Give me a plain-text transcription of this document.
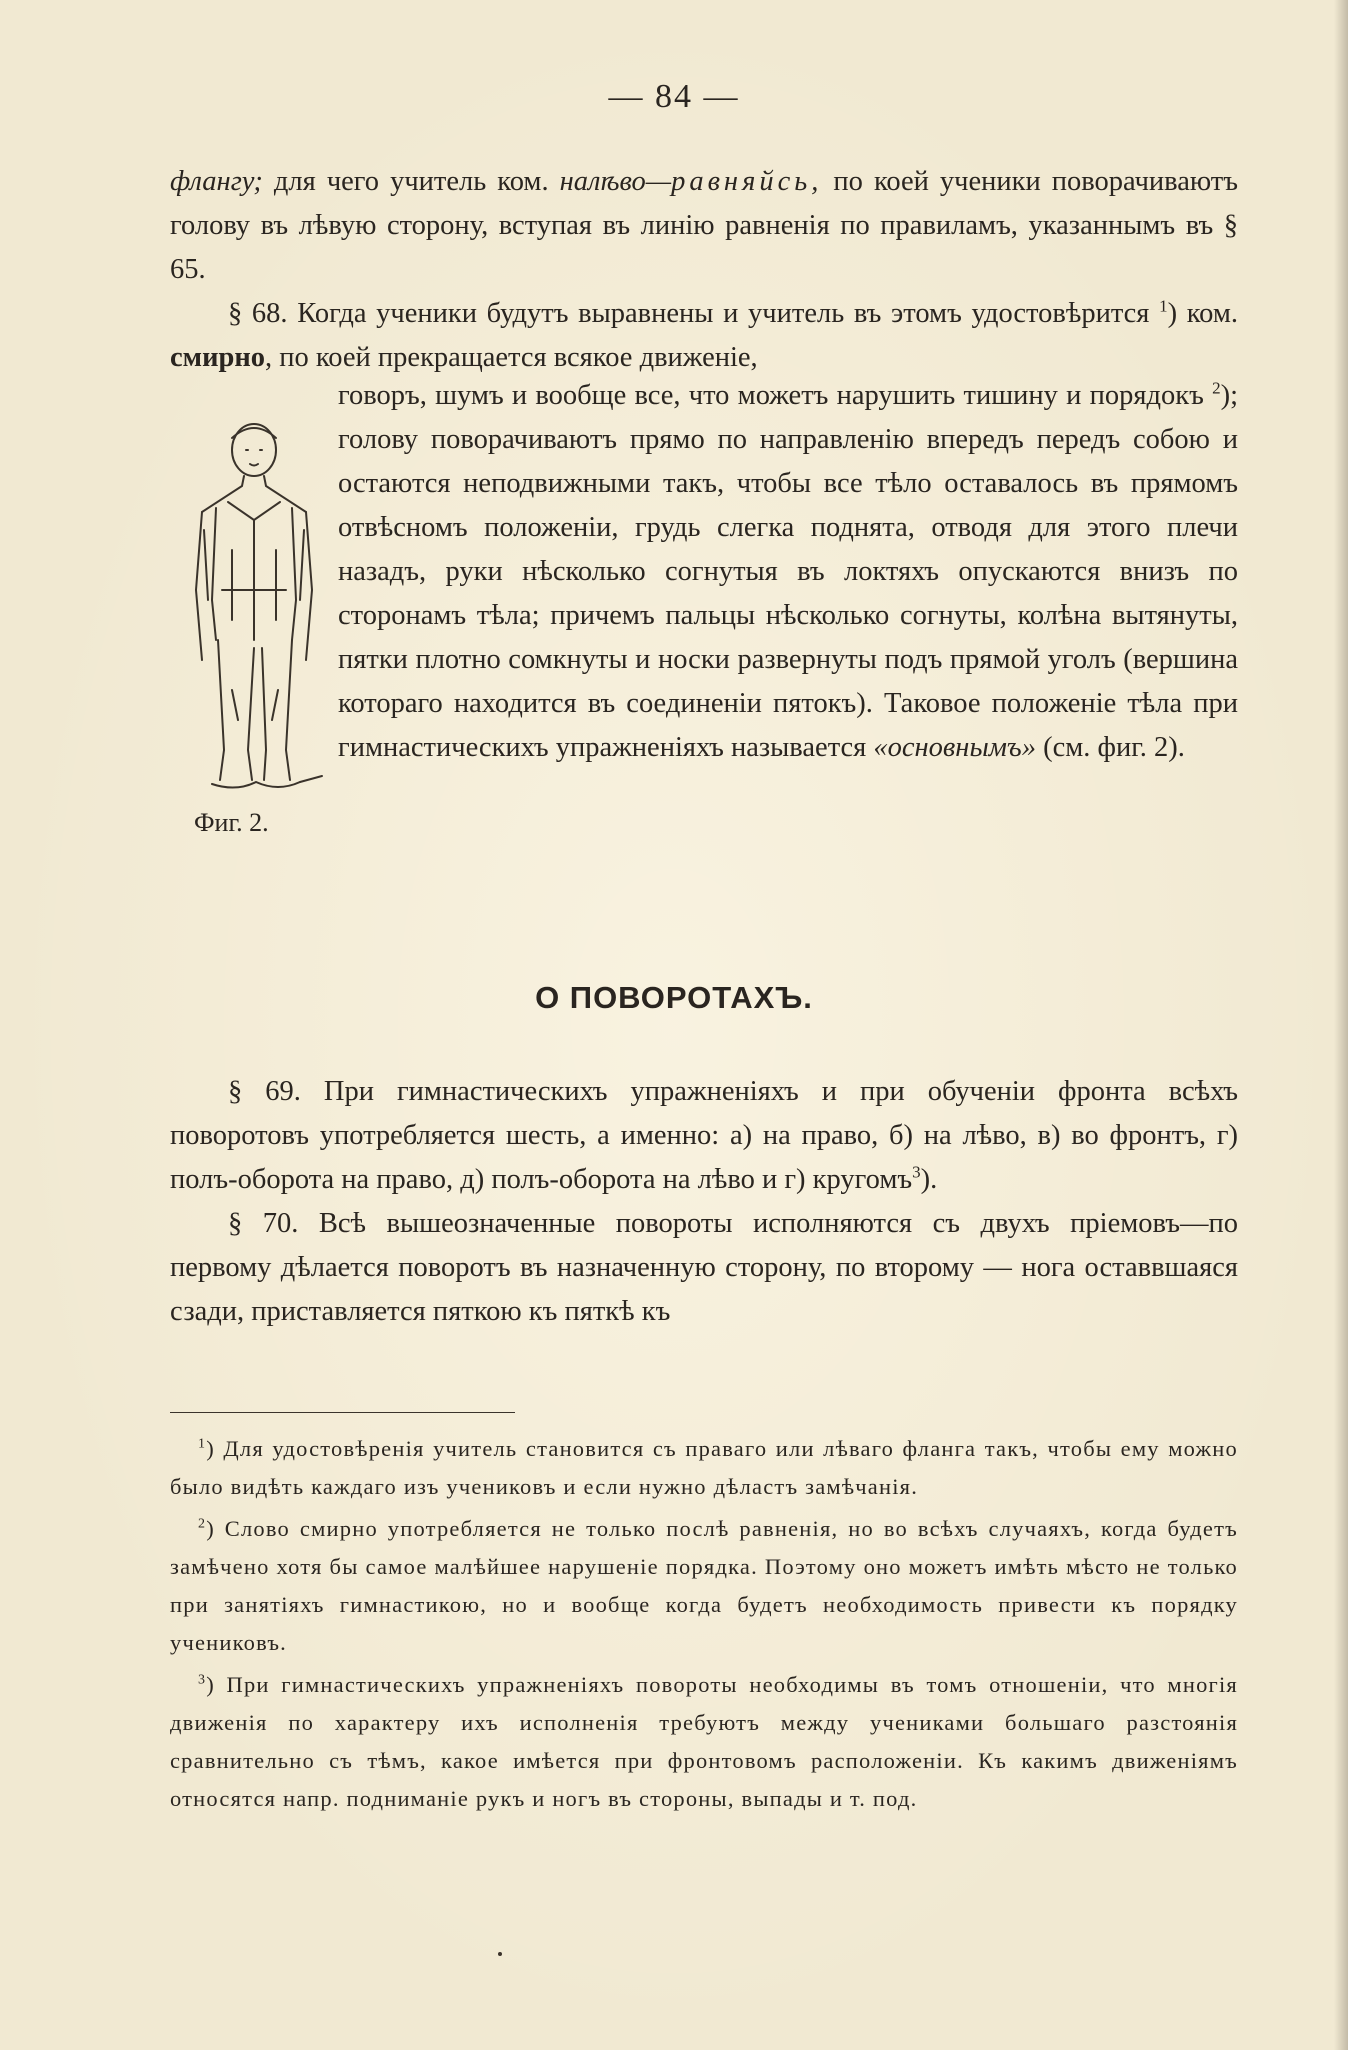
— 84 —

флангу; для чего учитель ком. налѣво—равняйсь, по коей ученики поворачиваютъ голову въ лѣвую сторону, вступая въ линію равненія по правиламъ, указаннымъ въ § 65.

§ 68. Когда ученики будутъ выравнены и учитель въ этомъ удостовѣрится $^1$) ком. смирно, по коей прекращается всякое движеніе,

Фиг. 2.

говоръ, шумъ и вообще все, что можетъ нарушить тишину и порядокъ $^2$); голову поворачиваютъ прямо по направленію впередъ передъ собою и остаются неподвижными такъ, чтобы все тѣло оставалось въ прямомъ отвѣсномъ положеніи, грудь слегка поднята, отводя для этого плечи назадъ, руки нѣсколько согнутыя въ локтяхъ опускаются внизъ по сторонамъ тѣла; причемъ пальцы нѣсколько согнуты, колѣна вытянуты, пятки плотно сомкнуты и носки развернуты подъ прямой уголъ (вершина котораго находится въ соединеніи пятокъ). Таковое положеніе тѣла при гимнастическихъ упражненіяхъ называется «основнымъ» (см. фиг. 2).

О ПОВОРОТАХЪ.

§ 69. При гимнастическихъ упражненіяхъ и при обученіи фронта всѣхъ поворотовъ употребляется шесть, а именно: а) на право, б) на лѣво, в) во фронтъ, г) полъ-оборота на право, д) полъ-оборота на лѣво и г) кругомъ$^3$).

§ 70. Всѣ вышеозначенные повороты исполняются съ двухъ пріемовъ—по первому дѣлается поворотъ въ назначенную сторону, по второму — нога оставвшаяся сзади, приставляется пяткою къ пяткѣ къ

$^1$) Для удостовѣренія учитель становится съ праваго или лѣваго фланга такъ, чтобы ему можно было видѣть каждаго изъ учениковъ и если нужно дѣластъ замѣчанія.

$^2$) Слово смирно употребляется не только послѣ равненія, но во всѣхъ случаяхъ, когда будетъ замѣчено хотя бы самое малѣйшее нарушеніе порядка. Поэтому оно можетъ имѣть мѣсто не только при занятіяхъ гимнастикою, но и вообще когда будетъ необходимость привести къ порядку учениковъ.

$^3$) При гимнастическихъ упражненіяхъ повороты необходимы въ томъ отношеніи, что многія движенія по характеру ихъ исполненія требуютъ между учениками большаго разстоянія сравнительно съ тѣмъ, какое имѣется при фронтовомъ расположеніи. Къ какимъ движеніямъ относятся напр. подниманіе рукъ и ногъ въ стороны, выпады и т. под.
